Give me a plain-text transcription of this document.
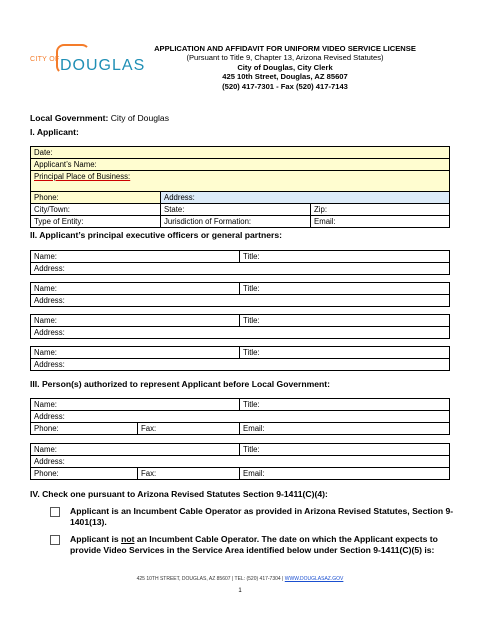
CITY OF DOUGLAS
APPLICATION AND AFFIDAVIT FOR UNIFORM VIDEO SERVICE LICENSE
(Pursuant to Title 9, Chapter 13, Arizona Revised Statutes)
City of Douglas, City Clerk
425 10th Street, Douglas, AZ 85607
(520) 417-7301 - Fax (520) 417-7143
Local Government: City of Douglas
I. Applicant:
Date:		
Applicant’s Name:		
Principal Place of Business:		
Phone:	Address:	
City/Town:	State:	Zip:
Type of Entity:	Jurisdiction of Formation:	Email:
II. Applicant’s principal executive officers or general partners:
Name:	Title:
Address:
Name:	Title:
Address:
Name:	Title:
Address:
Name:	Title:
Address:
III. Person(s) authorized to represent Applicant before Local Government:
Name:		Title:
Address:		
Phone:	Fax:	Email:
Name:		Title:
Address:		
Phone:	Fax:	Email:
IV. Check one pursuant to Arizona Revised Statutes Section 9-1411(C)(4):
Applicant is an Incumbent Cable Operator as provided in Arizona Revised Statutes, Section 9-1401(13).
Applicant is not an Incumbent Cable Operator. The date on which the Applicant expects to provide Video Services in the Service Area identified below under Section 9-1411(C)(5) is:
425 10TH STREET, DOUGLAS, AZ 85607 | TEL: (520) 417-7304 | WWW.DOUGLASAZ.GOV
1
